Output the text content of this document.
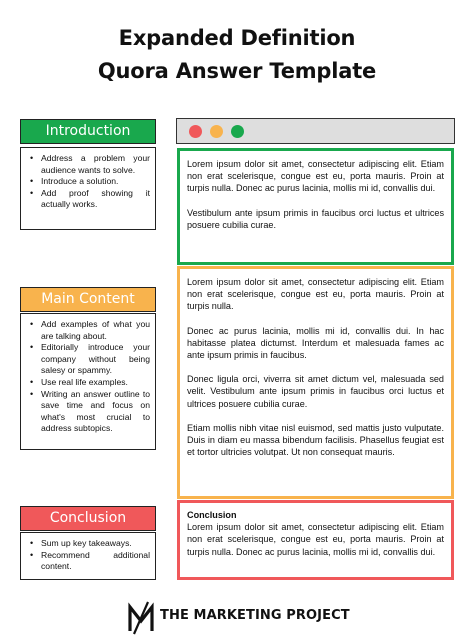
Expanded Definition
Quora Answer Template
Introduction
• Address a problem your audience wants to solve.
• Introduce a solution.
• Add proof showing it actually works.
Main Content
• Add examples of what you are talking about.
• Editorially introduce your company without being salesy or spammy.
• Use real life examples.
• Writing an answer outline to save time and focus on what's most crucial to address subtopics.
Conclusion
• Sum up key takeaways.
• Recommend additional content.

Lorem ipsum dolor sit amet, consectetur adipiscing elit. Etiam non erat scelerisque, congue est eu, porta mauris. Proin at turpis nulla. Donec ac purus lacinia, mollis mi id, convallis dui.

Vestibulum ante ipsum primis in faucibus orci luctus et ultrices posuere cubilia curae.

Lorem ipsum dolor sit amet, consectetur adipiscing elit. Etiam non erat scelerisque, congue est eu, porta mauris. Proin at turpis nulla.

Donec ac purus lacinia, mollis mi id, convallis dui. In hac habitasse platea dictumst. Interdum et malesuada fames ac ante ipsum primis in faucibus.

Donec ligula orci, viverra sit amet dictum vel, malesuada sed velit. Vestibulum ante ipsum primis in faucibus orci luctus et ultrices posuere cubilia curae.

Etiam mollis nibh vitae nisl euismod, sed mattis justo vulputate. Duis in diam eu massa bibendum facilisis. Phasellus feugiat est et tortor ultricies volutpat. Ut non consequat mauris.

Conclusion

Lorem ipsum dolor sit amet, consectetur adipiscing elit. Etiam non erat scelerisque, congue est eu, porta mauris. Proin at turpis nulla. Donec ac purus lacinia, mollis mi id, convallis dui.

THE MARKETING PROJECT
